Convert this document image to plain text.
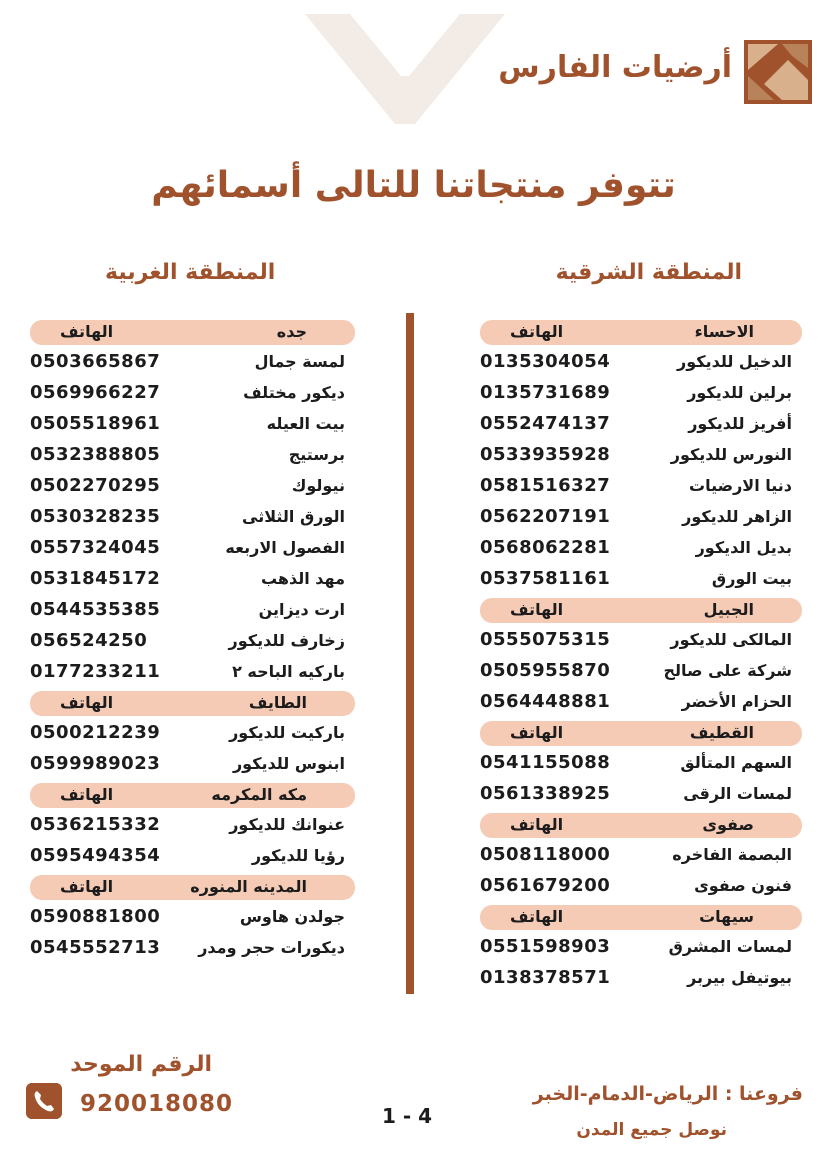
أرضيات الفارس
تتوفر منتجاتنا للتالى أسمائهم
المنطقة الشرقية
المنطقة الغربية
الاحساء
الهاتف
الدخيل للديكور
0135304054
برلين للديكور
0135731689
أفريز للديكور
0552474137
النورس للديكور
0533935928
دنيا الارضيات
0581516327
الزاهر للديكور
0562207191
بديل الديكور
0568062281
بيت الورق
0537581161
الجبيل
الهاتف
المالكى للديكور
0555075315
شركة على صالح
0505955870
الحزام الأخضر
0564448881
القطيف
الهاتف
السهم المتألق
0541155088
لمسات الرقى
0561338925
صفوى
الهاتف
البصمة الفاخره
0508118000
فنون صفوى
0561679200
سيهات
الهاتف
لمسات المشرق
0551598903
بيوتيفل بيربر
0138378571
جده
الهاتف
لمسة جمال
0503665867
ديكور مختلف
0569966227
بيت العيله
0505518961
برستيج
0532388805
نيولوك
0502270295
الورق الثلاثى
0530328235
الفصول الاربعه
0557324045
مهد الذهب
0531845172
ارت ديزاين
0544535385
زخارف للديكور
056524250
باركيه الباحه ٢
0177233211
الطايف
الهاتف
باركيت للديكور
0500212239
ابنوس للديكور
0599989023
مكه المكرمه
الهاتف
عنوانك للديكور
0536215332
رؤيا للديكور
0595494354
المدينه المنوره
الهاتف
جولدن هاوس
0590881800
ديكورات حجر ومدر
0545552713
الرقم الموحد
920018080	1 - 4
فروعنا : الرياض-الدمام-الخبر
نوصل جميع المدن
